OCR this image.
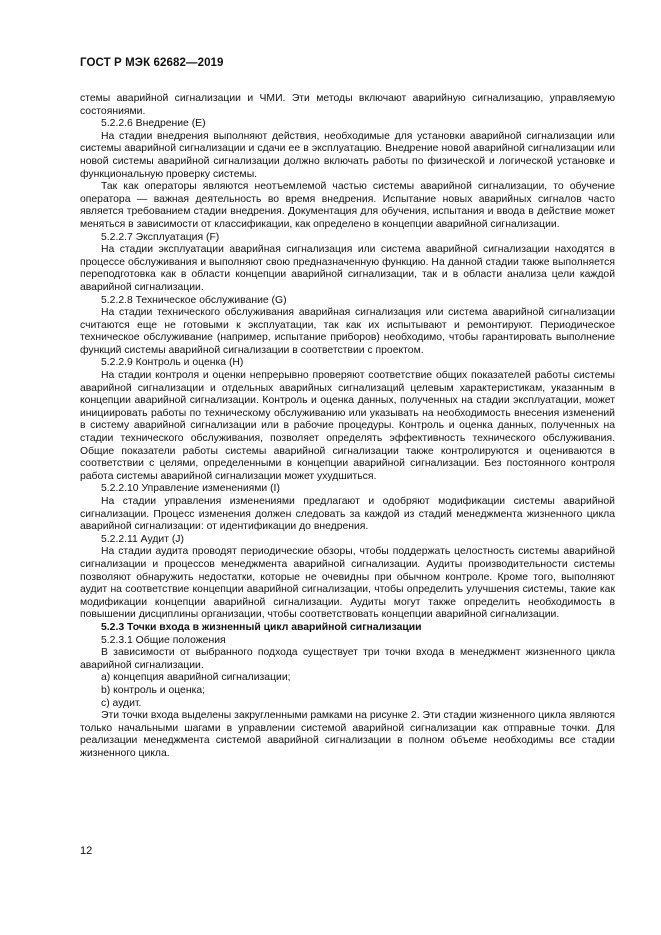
ГОСТ Р МЭК 62682—2019

стемы аварийной сигнализации и ЧМИ. Эти методы включают аварийную сигнализацию, управляемую состояниями.

5.2.2.6 Внедрение (E)

На стадии внедрения выполняют действия, необходимые для установки аварийной сигнализации или системы аварийной сигнализации и сдачи ее в эксплуатацию. Внедрение новой аварийной сигнализации или новой системы аварийной сигнализации должно включать работы по физической и логической установке и функциональную проверку системы.

Так как операторы являются неотъемлемой частью системы аварийной сигнализации, то обучение оператора — важная деятельность во время внедрения. Испытание новых аварийных сигналов часто является требованием стадии внедрения. Документация для обучения, испытания и ввода в действие может меняться в зависимости от классификации, как определено в концепции аварийной сигнализации.

5.2.2.7 Эксплуатация (F)

На стадии эксплуатации аварийная сигнализация или система аварийной сигнализации находятся в процессе обслуживания и выполняют свою предназначенную функцию. На данной стадии также выполняется переподготовка как в области концепции аварийной сигнализации, так и в области анализа цели каждой аварийной сигнализации.

5.2.2.8 Техническое обслуживание (G)

На стадии технического обслуживания аварийная сигнализация или система аварийной сигнализации считаются еще не готовыми к эксплуатации, так как их испытывают и ремонтируют. Периодическое техническое обслуживание (например, испытание приборов) необходимо, чтобы гарантировать выполнение функций системы аварийной сигнализации в соответствии с проектом.

5.2.2.9 Контроль и оценка (H)

На стадии контроля и оценки непрерывно проверяют соответствие общих показателей работы системы аварийной сигнализации и отдельных аварийных сигнализаций целевым характеристикам, указанным в концепции аварийной сигнализации. Контроль и оценка данных, полученных на стадии эксплуатации, может инициировать работы по техническому обслуживанию или указывать на необходимость внесения изменений в систему аварийной сигнализации или в рабочие процедуры. Контроль и оценка данных, полученных на стадии технического обслуживания, позволяет определять эффективность технического обслуживания. Общие показатели работы системы аварийной сигнализации также контролируются и оцениваются в соответствии с целями, определенными в концепции аварийной сигнализации. Без постоянного контроля работа системы аварийной сигнализации может ухудшиться.

5.2.2.10 Управление изменениями (I)

На стадии управления изменениями предлагают и одобряют модификации системы аварийной сигнализации. Процесс изменения должен следовать за каждой из стадий менеджмента жизненного цикла аварийной сигнализации: от идентификации до внедрения.

5.2.2.11 Аудит (J)

На стадии аудита проводят периодические обзоры, чтобы поддержать целостность системы аварийной сигнализации и процессов менеджмента аварийной сигнализации. Аудиты производительности системы позволяют обнаружить недостатки, которые не очевидны при обычном контроле. Кроме того, выполняют аудит на соответствие концепции аварийной сигнализации, чтобы определить улучшения системы, такие как модификации концепции аварийной сигнализации. Аудиты могут также определить необходимость в повышении дисциплины организации, чтобы соответствовать концепции аварийной сигнализации.

5.2.3 Точки входа в жизненный цикл аварийной сигнализации

5.2.3.1 Общие положения

В зависимости от выбранного подхода существует три точки входа в менеджмент жизненного цикла аварийной сигнализации.

a) концепция аварийной сигнализации;

b) контроль и оценка;

c) аудит.

Эти точки входа выделены закругленными рамками на рисунке 2. Эти стадии жизненного цикла являются только начальными шагами в управлении системой аварийной сигнализации как отправные точки. Для реализации менеджмента системой аварийной сигнализации в полном объеме необходимы все стадии жизненного цикла.

12
